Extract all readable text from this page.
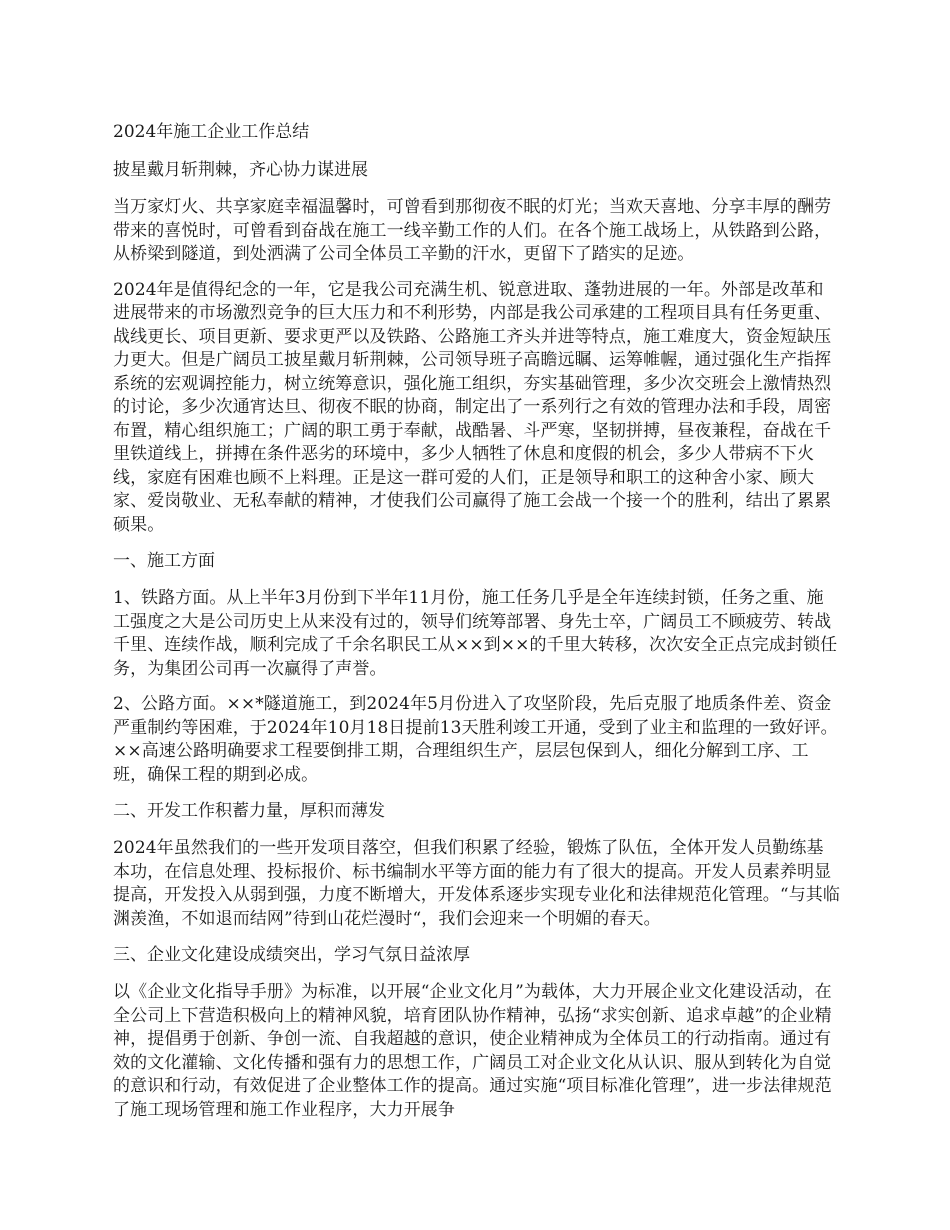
2024年施工企业工作总结

披星戴月斩荆棘，齐心协力谋进展

当万家灯火、共享家庭幸福温馨时，可曾看到那彻夜不眠的灯光；当欢天喜地、分享丰厚的酬劳带来的喜悦时，可曾看到奋战在施工一线辛勤工作的人们。在各个施工战场上，从铁路到公路，从桥梁到隧道，到处洒满了公司全体员工辛勤的汗水，更留下了踏实的足迹。

2024年是值得纪念的一年，它是我公司充满生机、锐意进取、蓬勃进展的一年。外部是改革和进展带来的市场激烈竞争的巨大压力和不利形势，内部是我公司承建的工程项目具有任务更重、战线更长、项目更新、要求更严以及铁路、公路施工齐头并进等特点，施工难度大，资金短缺压力更大。但是广阔员工披星戴月斩荆棘，公司领导班子高瞻远瞩、运筹帷幄，通过强化生产指挥系统的宏观调控能力，树立统筹意识，强化施工组织，夯实基础管理，多少次交班会上激情热烈的讨论，多少次通宵达旦、彻夜不眠的协商，制定出了一系列行之有效的管理办法和手段，周密布置，精心组织施工；广阔的职工勇于奉献，战酷暑、斗严寒，坚韧拼搏，昼夜兼程，奋战在千里铁道线上，拼搏在条件恶劣的环境中，多少人牺牲了休息和度假的机会，多少人带病不下火线，家庭有困难也顾不上料理。正是这一群可爱的人们，正是领导和职工的这种舍小家、顾大家、爱岗敬业、无私奉献的精神，才使我们公司赢得了施工会战一个接一个的胜利，结出了累累硕果。

一、施工方面

1、铁路方面。从上半年3月份到下半年11月份，施工任务几乎是全年连续封锁，任务之重、施工强度之大是公司历史上从来没有过的，领导们统筹部署、身先士卒，广阔员工不顾疲劳、转战千里、连续作战，顺利完成了千余名职民工从××到××的千里大转移，次次安全正点完成封锁任务，为集团公司再一次赢得了声誉。

2、公路方面。××*隧道施工，到2024年5月份进入了攻坚阶段，先后克服了地质条件差、资金严重制约等困难，于2024年10月18日提前13天胜利竣工开通，受到了业主和监理的一致好评。××高速公路明确要求工程要倒排工期，合理组织生产，层层包保到人，细化分解到工序、工班，确保工程的期到必成。

二、开发工作积蓄力量，厚积而薄发

2024年虽然我们的一些开发项目落空，但我们积累了经验，锻炼了队伍，全体开发人员勤练基本功，在信息处理、投标报价、标书编制水平等方面的能力有了很大的提高。开发人员素养明显提高，开发投入从弱到强，力度不断增大，开发体系逐步实现专业化和法律规范化管理。“与其临渊羡渔，不如退而结网”待到山花烂漫时“，我们会迎来一个明媚的春天。

三、企业文化建设成绩突出，学习气氛日益浓厚

以《企业文化指导手册》为标准，以开展“企业文化月”为载体，大力开展企业文化建设活动，在全公司上下营造积极向上的精神风貌，培育团队协作精神，弘扬“求实创新、追求卓越”的企业精神，提倡勇于创新、争创一流、自我超越的意识，使企业精神成为全体员工的行动指南。通过有效的文化灌输、文化传播和强有力的思想工作，广阔员工对企业文化从认识、服从到转化为自觉的意识和行动，有效促进了企业整体工作的提高。通过实施“项目标准化管理”，进一步法律规范了施工现场管理和施工作业程序，大力开展争
